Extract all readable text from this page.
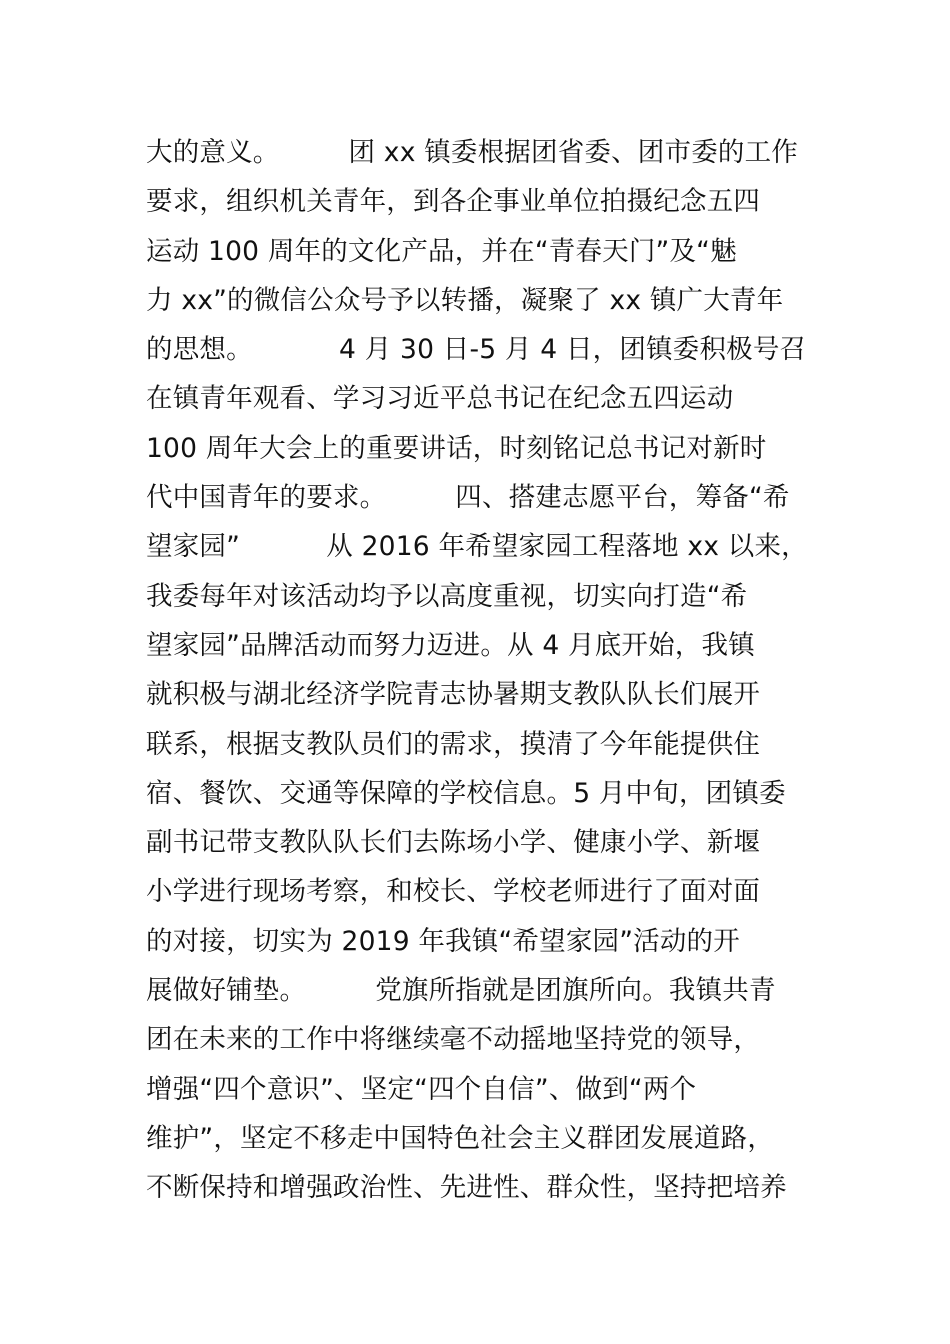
大的意义。        团 xx 镇委根据团省委、团市委的工作
要求，组织机关青年，到各企事业单位拍摄纪念五四
运动 100 周年的文化产品，并在“青春天门”及“魅
力 xx”的微信公众号予以转播，凝聚了 xx 镇广大青年
的思想。          4 月 30 日-5 月 4 日，团镇委积极号召
在镇青年观看、学习习近平总书记在纪念五四运动
100 周年大会上的重要讲话，时刻铭记总书记对新时
代中国青年的要求。        四、搭建志愿平台，筹备“希
望家园”          从 2016 年希望家园工程落地 xx 以来，
我委每年对该活动均予以高度重视，切实向打造“希
望家园”品牌活动而努力迈进。从 4 月底开始，我镇
就积极与湖北经济学院青志协暑期支教队队长们展开
联系，根据支教队员们的需求，摸清了今年能提供住
宿、餐饮、交通等保障的学校信息。5 月中旬，团镇委
副书记带支教队队长们去陈场小学、健康小学、新堰
小学进行现场考察，和校长、学校老师进行了面对面
的对接，切实为 2019 年我镇“希望家园”活动的开
展做好铺垫。        党旗所指就是团旗所向。我镇共青
团在未来的工作中将继续毫不动摇地坚持党的领导，
增强“四个意识”、坚定“四个自信”、做到“两个
维护”，坚定不移走中国特色社会主义群团发展道路，
不断保持和增强政治性、先进性、群众性，坚持把培养
